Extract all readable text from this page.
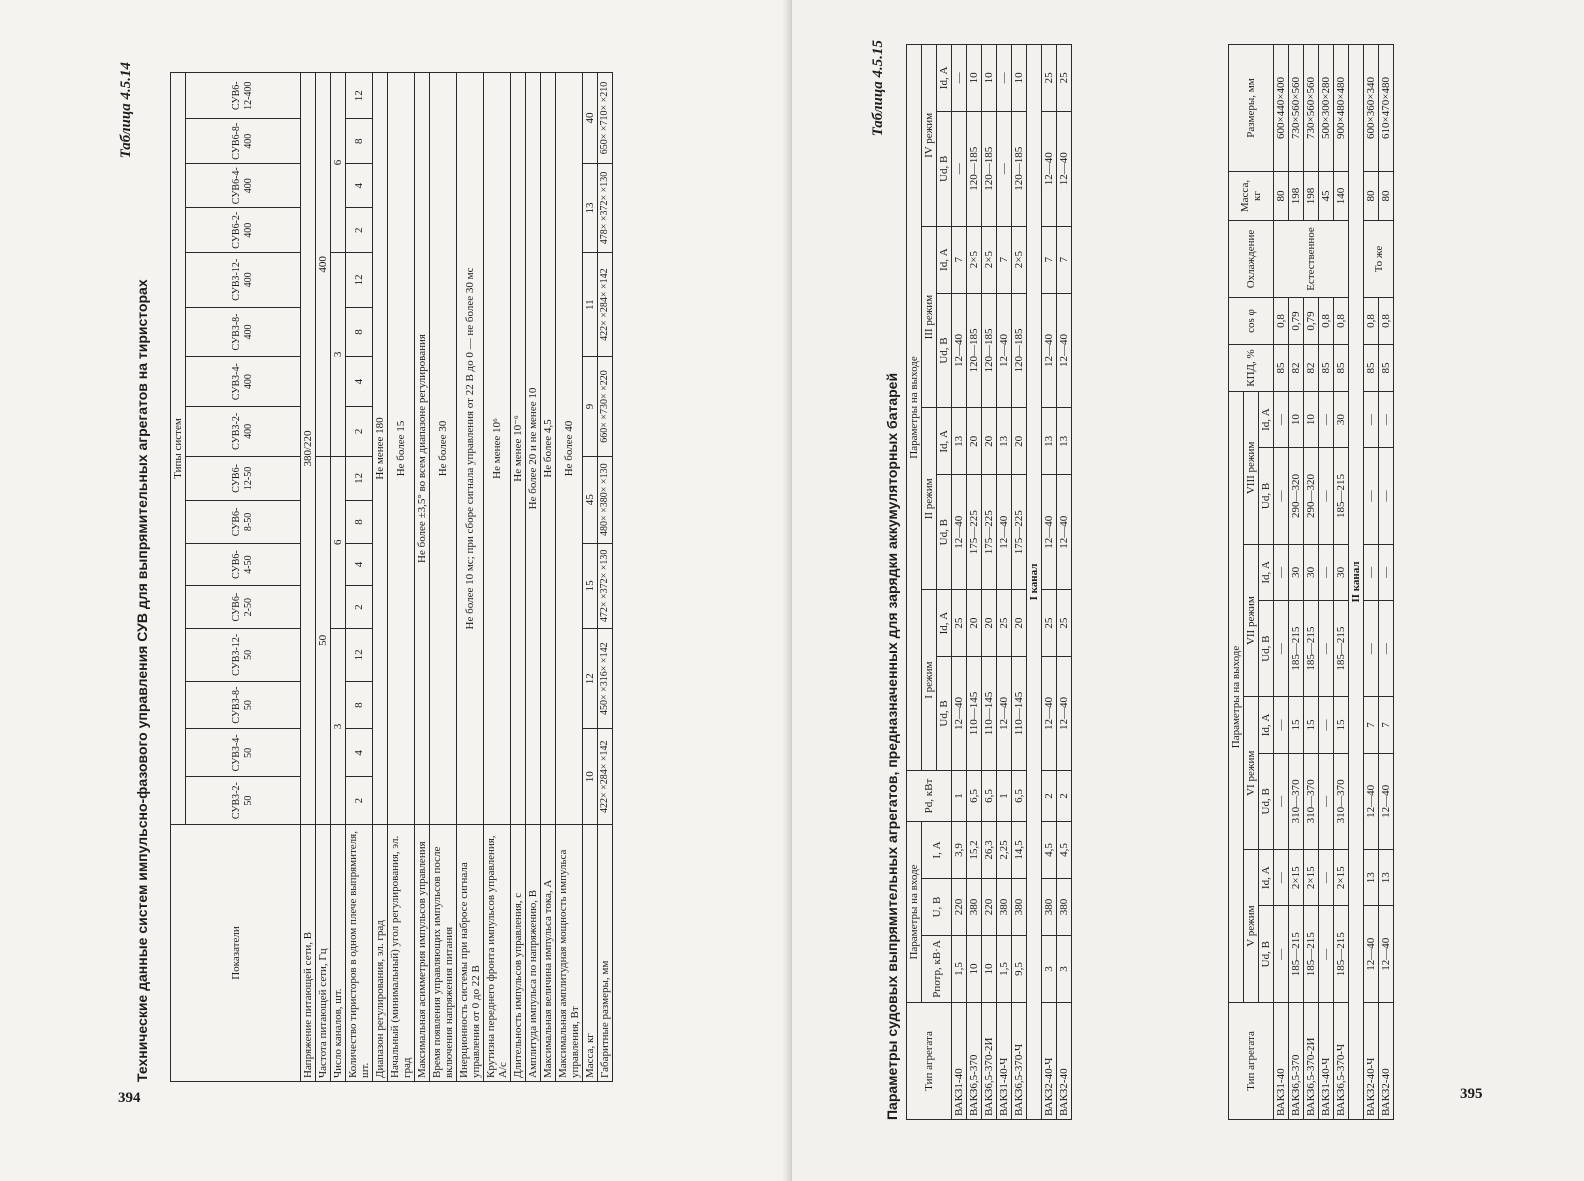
394
Таблица 4.5.14
Технические данные систем импульсно-фазового управления СУВ для выпрямительных агрегатов на тиристорах	Показатели	Типы систем															
	СУВЗ-2-50	СУВЗ-4-50	СУВЗ-8-50	СУВЗ-12-50	СУВ6-2-50	СУВ6-4-50	СУВ6-8-50	СУВ6-12-50	СУВЗ-2-400	СУВЗ-4-400	СУВЗ-8-400	СУВЗ-12-400	СУВ6-2-400	СУВ6-4-400	СУВ6-8-400	СУВ6-12-400
Напряжение питающей сети, В	380/220															
Частота питающей сети, Гц	50								400							
Число каналов, шт.	3				6				3				6			
Количество тиристоров в одном плече выпрямителя, шт.	2	4	8	12	2	4	8	12	2	4	8	12	2	4	8	12
Диапазон регулирования, эл. град	Не менее 180															
Начальный (минимальный) угол регулирования, эл. град	Не более 15															
Максимальная асимметрия импульсов управления	Не более ±3,5° во всем диапазоне регулирования															
Время появления управляющих импульсов после включения напряжения питания	Не более 30															
Инерционность системы при набросе сигнала управления от 0 до 22 В	Не более 10 мс; при сборе сигнала управления от 22 В до 0 — не более 30 мс															
Крутизна переднего фронта импульсов управления, А/с	Не менее 10⁶															
Длительность импульсов управления, с	Не менее 10⁻⁶															
Амплитуда импульса по напряжению, В	Не более 20 и не менее 10															
Максимальная величина импульса тока, А	Не более 4,5															
Максимальная амплитудная мощность импульса управления, Вт	Не более 40															
Масса, кг	10		12		15		45		9		11		13		40	
Габаритные размеры, мм	422× ×284× ×142		450× ×316× ×142		472× ×372× ×130		480× ×380× ×130		660× ×730× ×220		422× ×284× ×142		478× ×372× ×130		650× ×710× ×210	
395
Таблица 4.5.15
Параметры судовых выпрямительных агрегатов, предназначенных для зарядки аккумуляторных батарей Тип агрегата	Параметры на входе			Pd, кВт	Параметры на выходе							
	Pпотр, кВ·А	U, В	I, А		I режим		II режим		III режим		IV режим	
					Ud, В	Id, А	Ud, В	Id, А	Ud, В	Id, А	Ud, В	Id, А
ВАКЗ1-40	1,5	220	3,9	1	12—40	25	12—40	13	12—40	7	—	—
ВАКЗ6,5-370	10	380	15,2	6,5	110—145	20	175—225	20	120—185	2×5	120—185	10
ВАКЗ6,5-370-2И	10	220	26,3	6,5	110—145	20	175—225	20	120—185	2×5	120—185	10
ВАКЗ1-40-Ч	1,5	380	2,25	1	12—40	25	12—40	13	12—40	7	—	—
ВАКЗ6,5-370-Ч	9,5	380	14,5	6,5	110—145	20	175—225	20	120—185	2×5	120—185	10
I канал												
ВАКЗ2-40-Ч	3	380	4,5	2	12—40	25	12—40	13	12—40	7	12—40	25
ВАКЗ2-40	3	380	4,5	2	12—40	25	12—40	13	12—40	7	12—40	25
Тип агрегата	Параметры на выходе								КПД, %	cos φ	Охлаждение	Масса, кг	Размеры, мм
	V режим		VI режим		VII режим		VIII режим						
	Ud, В	Id, А	Ud, В	Id, А	Ud, В	Id, А	Ud, В	Id, А					
ВАКЗ1-40	—	—	—	—	—	—	—	—	85	0,8	Естественное	80	600×440×400
ВАКЗ6,5-370	185—215	2×15	310—370	15	185—215	30	290—320	10	82	0,79		198	730×560×560
ВАКЗ6,5-370-2И	185—215	2×15	310—370	15	185—215	30	290—320	10	82	0,79		198	730×560×560
ВАКЗ1-40-Ч	—	—	—	—	—	—	—	—	85	0,8		45	500×300×280
ВАКЗ6,5-370-Ч	185—215	2×15	310—370	15	185—215	30	185—215	30	85	0,8		140	900×480×480
II канал													
ВАКЗ2-40-Ч	12—40	13	12—40	7	—	—	—	—	85	0,8	То же	80	600×360×340
ВАКЗ2-40	12—40	13	12—40	7	—	—	—	—	85	0,8		80	610×470×480
